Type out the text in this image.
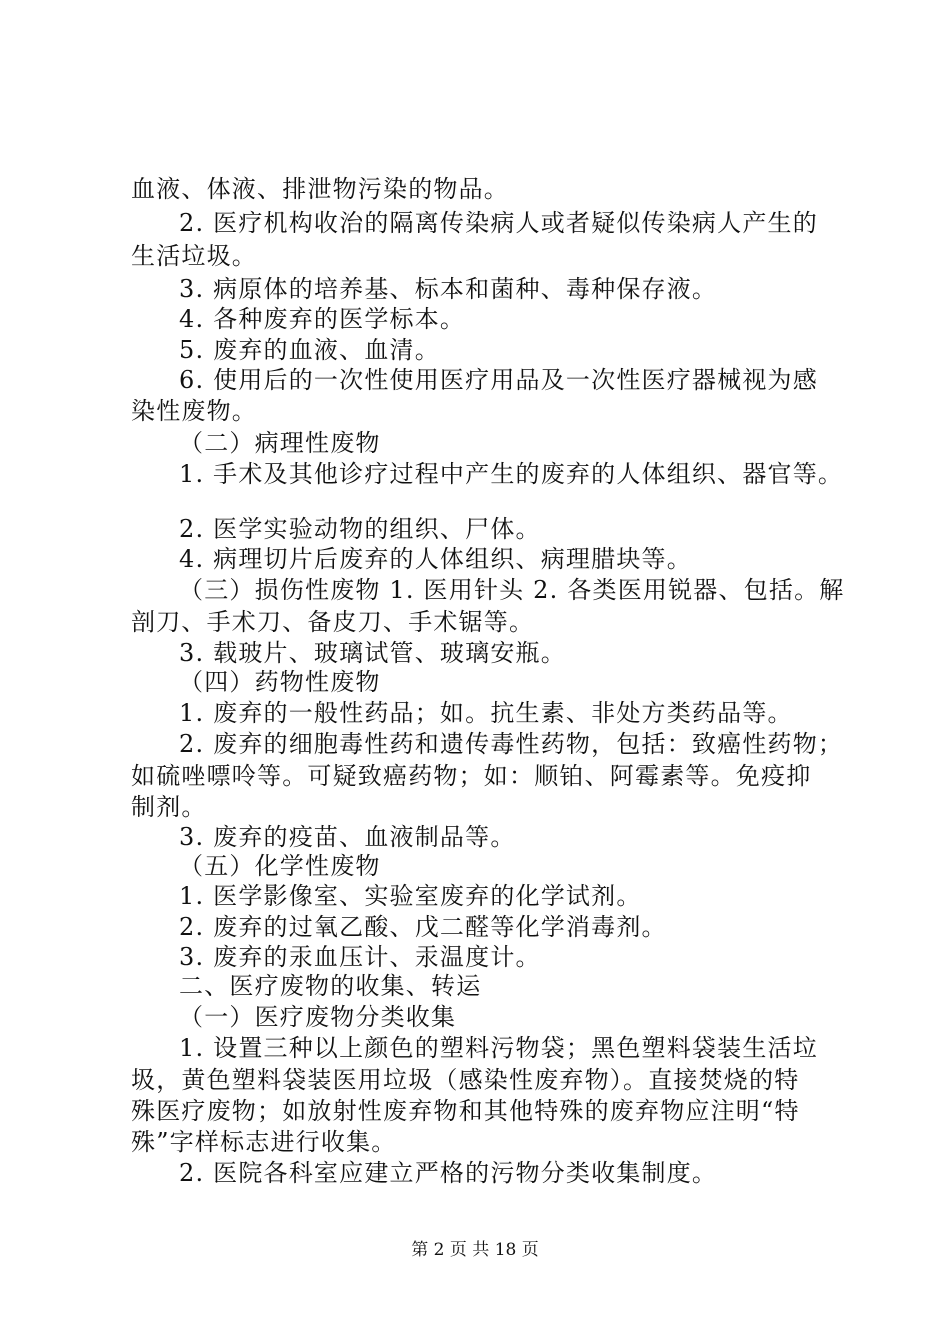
血液、体液、排泄物污染的物品。
2. 医疗机构收治的隔离传染病人或者疑似传染病人产生的
生活垃圾。
3. 病原体的培养基、标本和菌种、毒种保存液。
4. 各种废弃的医学标本。
5. 废弃的血液、血清。
6. 使用后的一次性使用医疗用品及一次性医疗器械视为感
染性废物。
（二）病理性废物
1. 手术及其他诊疗过程中产生的废弃的人体组织、器官等。
2. 医学实验动物的组织、尸体。
4. 病理切片后废弃的人体组织、病理腊块等。
（三）损伤性废物 1. 医用针头 2. 各类医用锐器、包括。解
剖刀、手术刀、备皮刀、手术锯等。
3. 载玻片、玻璃试管、玻璃安瓶。
（四）药物性废物
1. 废弃的一般性药品；如。抗生素、非处方类药品等。
2. 废弃的细胞毒性药和遗传毒性药物，包括：致癌性药物；
如硫唑嘌呤等。可疑致癌药物；如：顺铂、阿霉素等。免疫抑
制剂。
3. 废弃的疫苗、血液制品等。
（五）化学性废物
1. 医学影像室、实验室废弃的化学试剂。
2. 废弃的过氧乙酸、戊二醛等化学消毒剂。
3. 废弃的汞血压计、汞温度计。
二、医疗废物的收集、转运
（一）医疗废物分类收集
1. 设置三种以上颜色的塑料污物袋；黑色塑料袋装生活垃
圾，黄色塑料袋装医用垃圾（感染性废弃物）。直接焚烧的特
殊医疗废物；如放射性废弃物和其他特殊的废弃物应注明“特
殊”字样标志进行收集。
2. 医院各科室应建立严格的污物分类收集制度。
第 2 页 共 18 页
